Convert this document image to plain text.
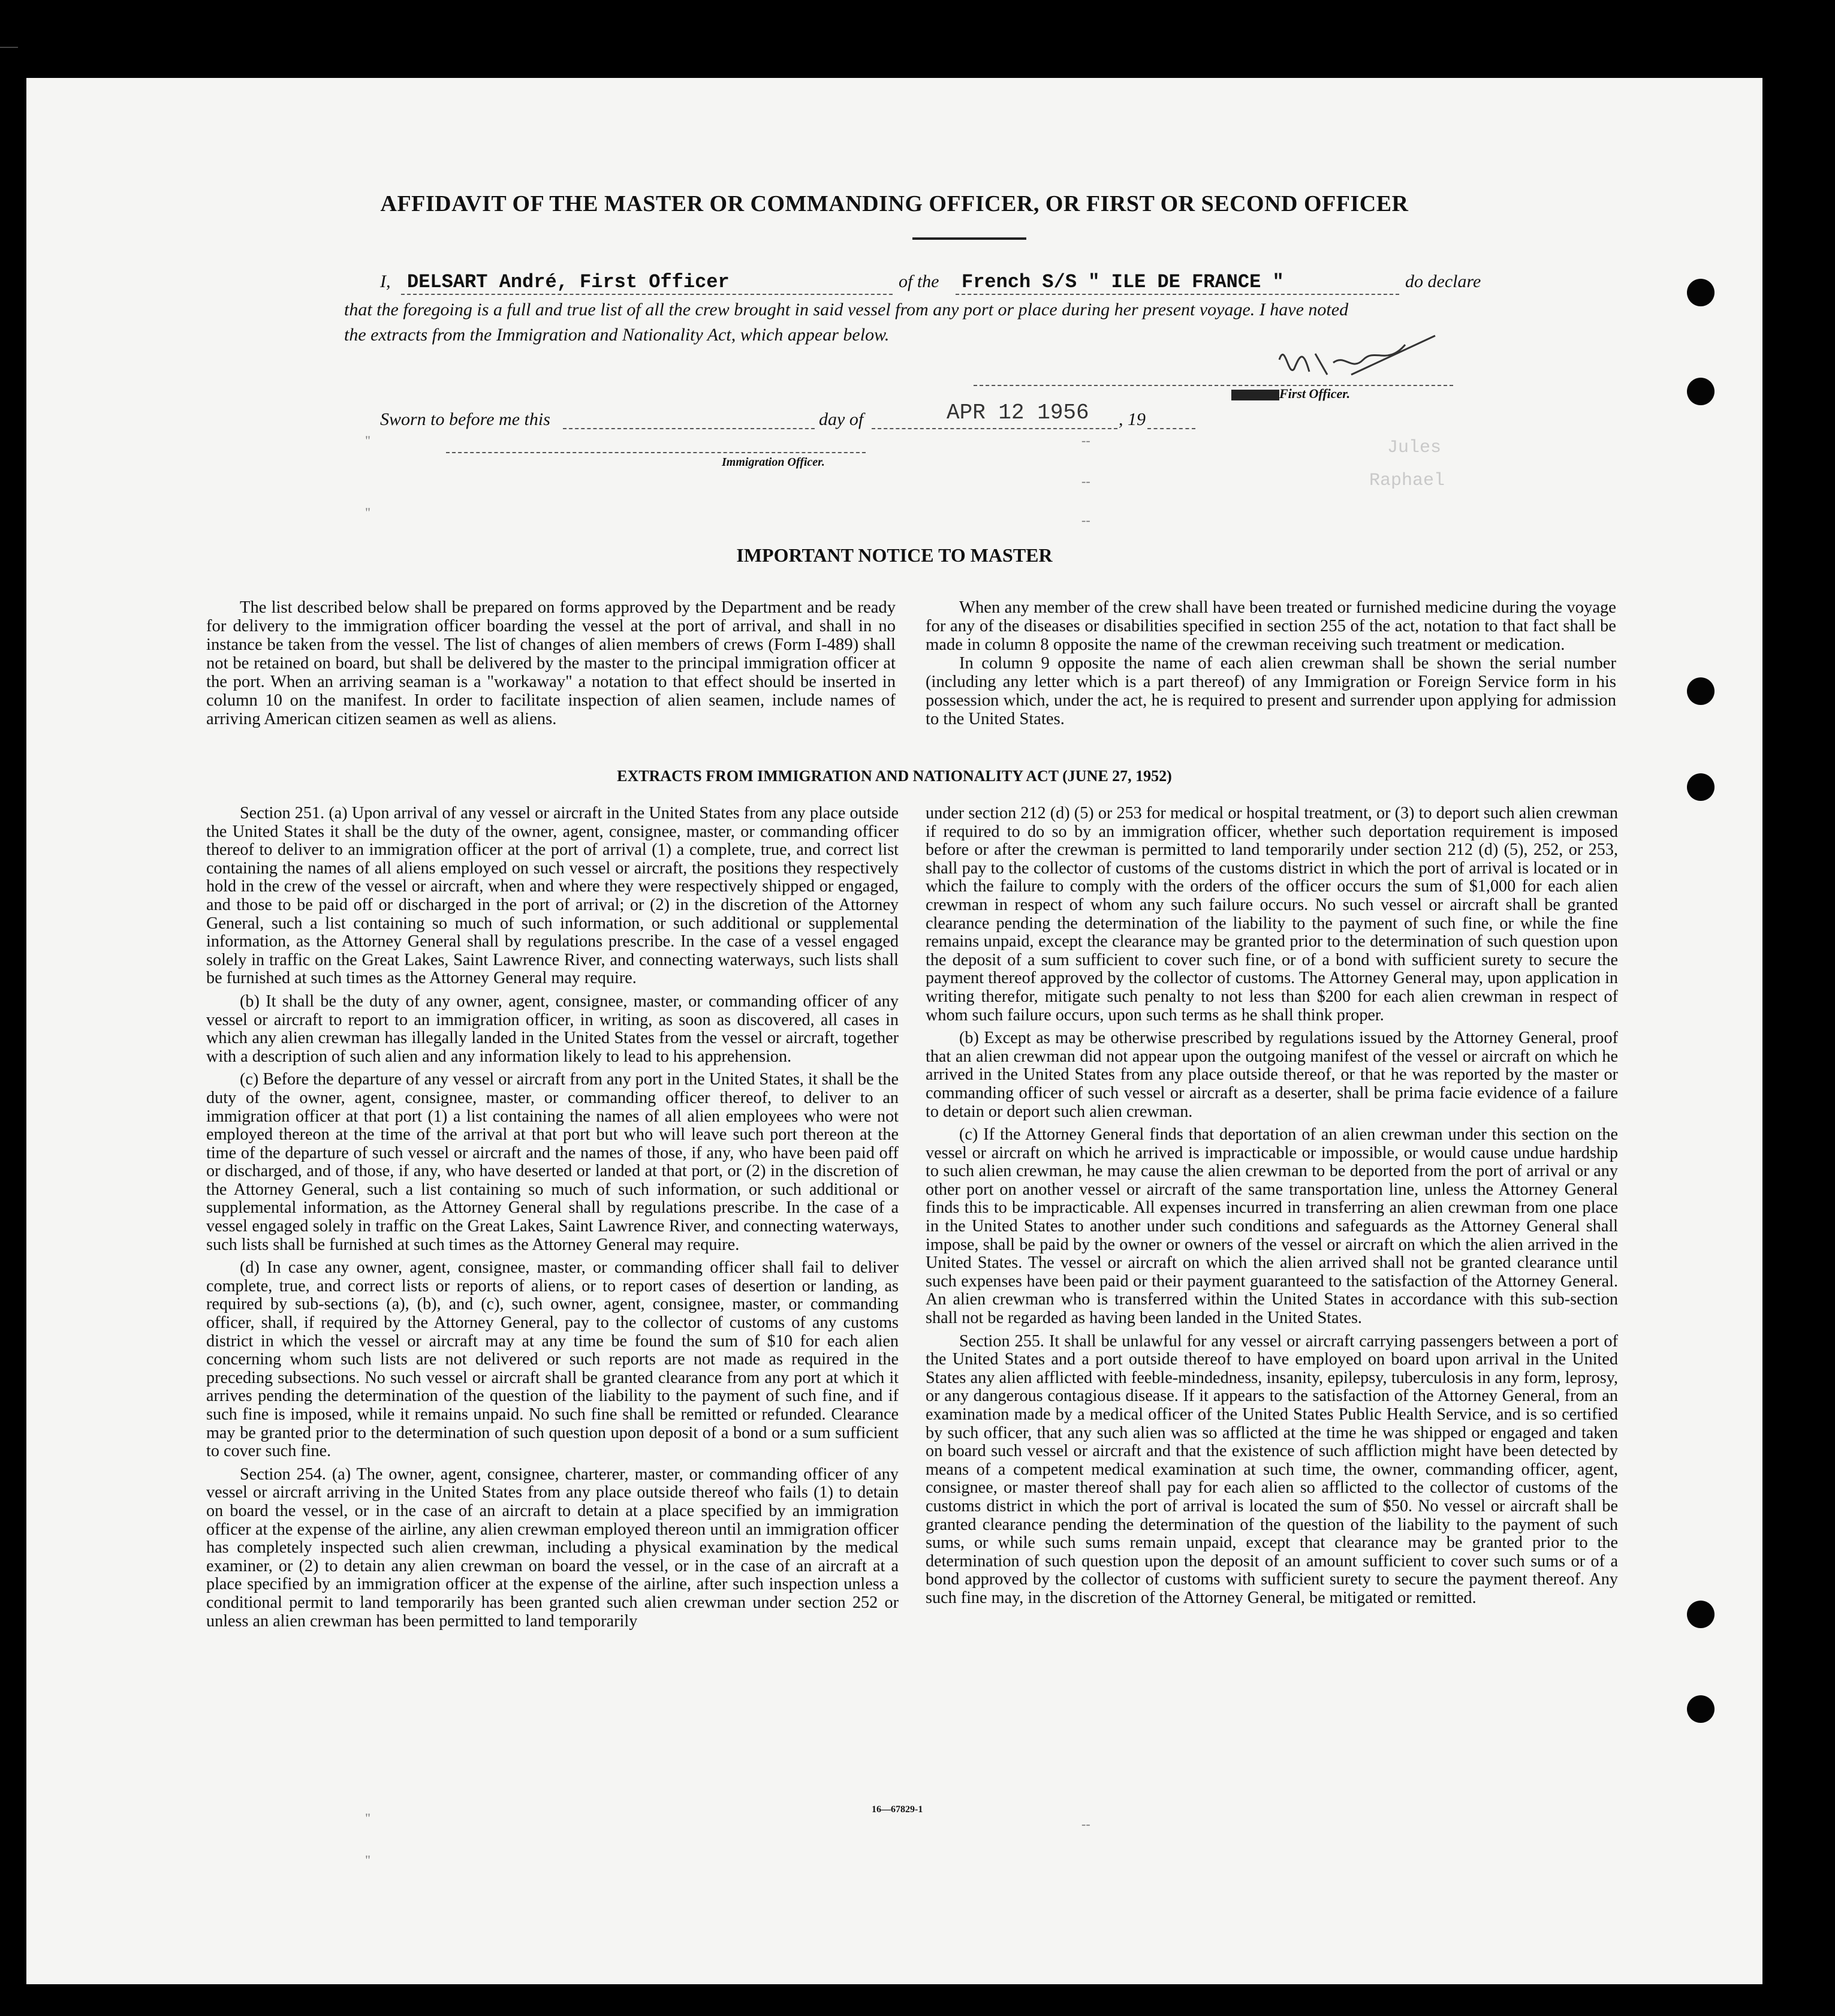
Jules
Raphael
AFFIDAVIT OF THE MASTER OR COMMANDING OFFICER, OR FIRST OR SECOND OFFICER
I, DELSART André, First Officer	of the French S/S " ILE DE FRANCE "	do declare
that the foregoing is a full and true list of all the crew brought in said vessel from any port or place during her present voyage. I have noted
the extracts from the Immigration and Nationality Act, which appear below.
First Officer.
Sworn to before me this	day of	APR 12 1956 , 19
Immigration Officer.
"
"
--
--
--
--
"
"
IMPORTANT NOTICE TO MASTER

The list described below shall be prepared on forms approved by the Department and be ready for delivery to the immigration officer boarding the vessel at the port of arrival, and shall in no instance be taken from the vessel. The list of changes of alien members of crews (Form I-489) shall not be retained on board, but shall be delivered by the master to the principal immigration officer at the port. When an arriving seaman is a "workaway" a notation to that effect should be inserted in column 10 on the manifest. In order to facilitate inspection of alien seamen, include names of arriving American citizen seamen as well as aliens.

When any member of the crew shall have been treated or furnished medicine during the voyage for any of the diseases or disabilities specified in section 255 of the act, notation to that fact shall be made in column 8 opposite the name of the crewman receiving such treatment or medication.

In column 9 opposite the name of each alien crewman shall be shown the serial number (including any letter which is a part thereof) of any Immigration or Foreign Service form in his possession which, under the act, he is required to present and surrender upon applying for admission to the United States.

EXTRACTS FROM IMMIGRATION AND NATIONALITY ACT (JUNE 27, 1952)

Section 251. (a) Upon arrival of any vessel or aircraft in the United States from any place outside the United States it shall be the duty of the owner, agent, consignee, master, or commanding officer thereof to deliver to an immigration officer at the port of arrival (1) a complete, true, and correct list containing the names of all aliens employed on such vessel or aircraft, the positions they respectively hold in the crew of the vessel or aircraft, when and where they were respectively shipped or engaged, and those to be paid off or discharged in the port of arrival; or (2) in the discretion of the Attorney General, such a list containing so much of such information, or such additional or supplemental information, as the Attorney General shall by regulations prescribe. In the case of a vessel engaged solely in traffic on the Great Lakes, Saint Lawrence River, and connecting waterways, such lists shall be furnished at such times as the Attorney General may require.

(b) It shall be the duty of any owner, agent, consignee, master, or commanding officer of any vessel or aircraft to report to an immigration officer, in writing, as soon as discovered, all cases in which any alien crewman has illegally landed in the United States from the vessel or aircraft, together with a description of such alien and any information likely to lead to his apprehension.

(c) Before the departure of any vessel or aircraft from any port in the United States, it shall be the duty of the owner, agent, consignee, master, or commanding officer thereof, to deliver to an immigration officer at that port (1) a list containing the names of all alien employees who were not employed thereon at the time of the arrival at that port but who will leave such port thereon at the time of the departure of such vessel or aircraft and the names of those, if any, who have been paid off or discharged, and of those, if any, who have deserted or landed at that port, or (2) in the discretion of the Attorney General, such a list containing so much of such information, or such additional or supplemental information, as the Attorney General shall by regulations prescribe. In the case of a vessel engaged solely in traffic on the Great Lakes, Saint Lawrence River, and connecting waterways, such lists shall be furnished at such times as the Attorney General may require.

(d) In case any owner, agent, consignee, master, or commanding officer shall fail to deliver complete, true, and correct lists or reports of aliens, or to report cases of desertion or landing, as required by sub-sections (a), (b), and (c), such owner, agent, consignee, master, or commanding officer, shall, if required by the Attorney General, pay to the collector of customs of any customs district in which the vessel or aircraft may at any time be found the sum of $10 for each alien concerning whom such lists are not delivered or such reports are not made as required in the preceding subsections. No such vessel or aircraft shall be granted clearance from any port at which it arrives pending the determination of the question of the liability to the payment of such fine, and if such fine is imposed, while it remains unpaid. No such fine shall be remitted or refunded. Clearance may be granted prior to the determination of such question upon deposit of a bond or a sum sufficient to cover such fine.

Section 254. (a) The owner, agent, consignee, charterer, master, or commanding officer of any vessel or aircraft arriving in the United States from any place outside thereof who fails (1) to detain on board the vessel, or in the case of an aircraft to detain at a place specified by an immigration officer at the expense of the airline, any alien crewman employed thereon until an immigration officer has completely inspected such alien crewman, including a physical examination by the medical examiner, or (2) to detain any alien crewman on board the vessel, or in the case of an aircraft at a place specified by an immigration officer at the expense of the airline, after such inspection unless a conditional permit to land temporarily has been granted such alien crewman under section 252 or unless an alien crewman has been permitted to land temporarily

under section 212 (d) (5) or 253 for medical or hospital treatment, or (3) to deport such alien crewman if required to do so by an immigration officer, whether such deportation requirement is imposed before or after the crewman is permitted to land temporarily under section 212 (d) (5), 252, or 253, shall pay to the collector of customs of the customs district in which the port of arrival is located or in which the failure to comply with the orders of the officer occurs the sum of $1,000 for each alien crewman in respect of whom any such failure occurs. No such vessel or aircraft shall be granted clearance pending the determination of the liability to the payment of such fine, or while the fine remains unpaid, except the clearance may be granted prior to the determination of such question upon the deposit of a sum sufficient to cover such fine, or of a bond with sufficient surety to secure the payment thereof approved by the collector of customs. The Attorney General may, upon application in writing therefor, mitigate such penalty to not less than $200 for each alien crewman in respect of whom such failure occurs, upon such terms as he shall think proper.

(b) Except as may be otherwise prescribed by regulations issued by the Attorney General, proof that an alien crewman did not appear upon the outgoing manifest of the vessel or aircraft on which he arrived in the United States from any place outside thereof, or that he was reported by the master or commanding officer of such vessel or aircraft as a deserter, shall be prima facie evidence of a failure to detain or deport such alien crewman.

(c) If the Attorney General finds that deportation of an alien crewman under this section on the vessel or aircraft on which he arrived is impracticable or impossible, or would cause undue hardship to such alien crewman, he may cause the alien crewman to be deported from the port of arrival or any other port on another vessel or aircraft of the same transportation line, unless the Attorney General finds this to be impracticable. All expenses incurred in transferring an alien crewman from one place in the United States to another under such conditions and safeguards as the Attorney General shall impose, shall be paid by the owner or owners of the vessel or aircraft on which the alien arrived in the United States. The vessel or aircraft on which the alien arrived shall not be granted clearance until such expenses have been paid or their payment guaranteed to the satisfaction of the Attorney General. An alien crewman who is transferred within the United States in accordance with this sub-section shall not be regarded as having been landed in the United States.

Section 255. It shall be unlawful for any vessel or aircraft carrying passengers between a port of the United States and a port outside thereof to have employed on board upon arrival in the United States any alien afflicted with feeble-mindedness, insanity, epilepsy, tuberculosis in any form, leprosy, or any dangerous contagious disease. If it appears to the satisfaction of the Attorney General, from an examination made by a medical officer of the United States Public Health Service, and is so certified by such officer, that any such alien was so afflicted at the time he was shipped or engaged and taken on board such vessel or aircraft and that the existence of such affliction might have been detected by means of a competent medical examination at such time, the owner, commanding officer, agent, consignee, or master thereof shall pay for each alien so afflicted to the collector of customs of the customs district in which the port of arrival is located the sum of $50. No vessel or aircraft shall be granted clearance pending the determination of the question of the liability to the payment of such sums, or while such sums remain unpaid, except that clearance may be granted prior to the determination of such question upon the deposit of an amount sufficient to cover such sums or of a bond approved by the collector of customs with sufficient surety to secure the payment thereof. Any such fine may, in the discretion of the Attorney General, be mitigated or remitted.

16—67829-1
